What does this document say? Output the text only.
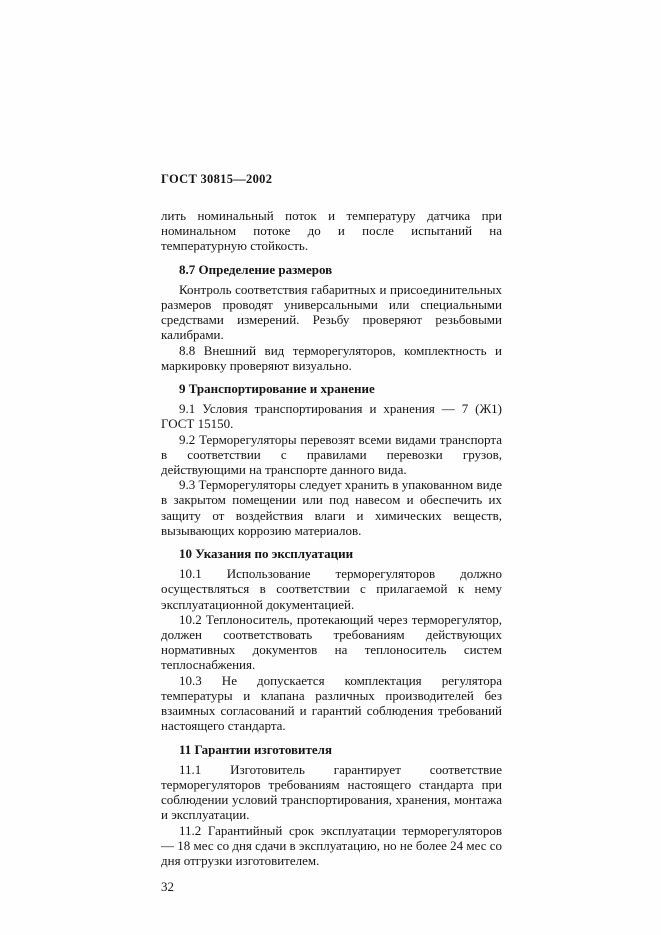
ГОСТ 30815—2002

лить номинальный поток и температуру датчика при номинальном потоке до и после испытаний на температурную стойкость.

8.7 Определение размеров

Контроль соответствия габаритных и присоединительных размеров проводят универсальными или специальными средствами измерений. Резьбу проверяют резьбовыми калибрами.

8.8 Внешний вид терморегуляторов, комплектность и маркировку проверяют визуально.

9 Транспортирование и хранение

9.1 Условия транспортирования и хранения — 7 (Ж1) ГОСТ 15150.

9.2 Терморегуляторы перевозят всеми видами транспорта в соответствии с правилами перевозки грузов, действующими на транспорте данного вида.

9.3 Терморегуляторы следует хранить в упакованном виде в закрытом помещении или под навесом и обеспечить их защиту от воздействия влаги и химических веществ, вызывающих коррозию материалов.

10 Указания по эксплуатации

10.1 Использование терморегуляторов должно осуществляться в соответствии с прилагаемой к нему эксплуатационной документацией.

10.2 Теплоноситель, протекающий через терморегулятор, должен соответствовать требованиям действующих нормативных документов на теплоноситель систем теплоснабжения.

10.3 Не допускается комплектация регулятора температуры и клапана различных производителей без взаимных согласований и гарантий соблюдения требований настоящего стандарта.

11 Гарантии изготовителя

11.1 Изготовитель гарантирует соответствие терморегуляторов требованиям настоящего стандарта при соблюдении условий транспортирования, хранения, монтажа и эксплуатации.

11.2 Гарантийный срок эксплуатации терморегуляторов — 18 мес со дня сдачи в эксплуатацию, но не более 24 мес со дня отгрузки изготовителем.

32
